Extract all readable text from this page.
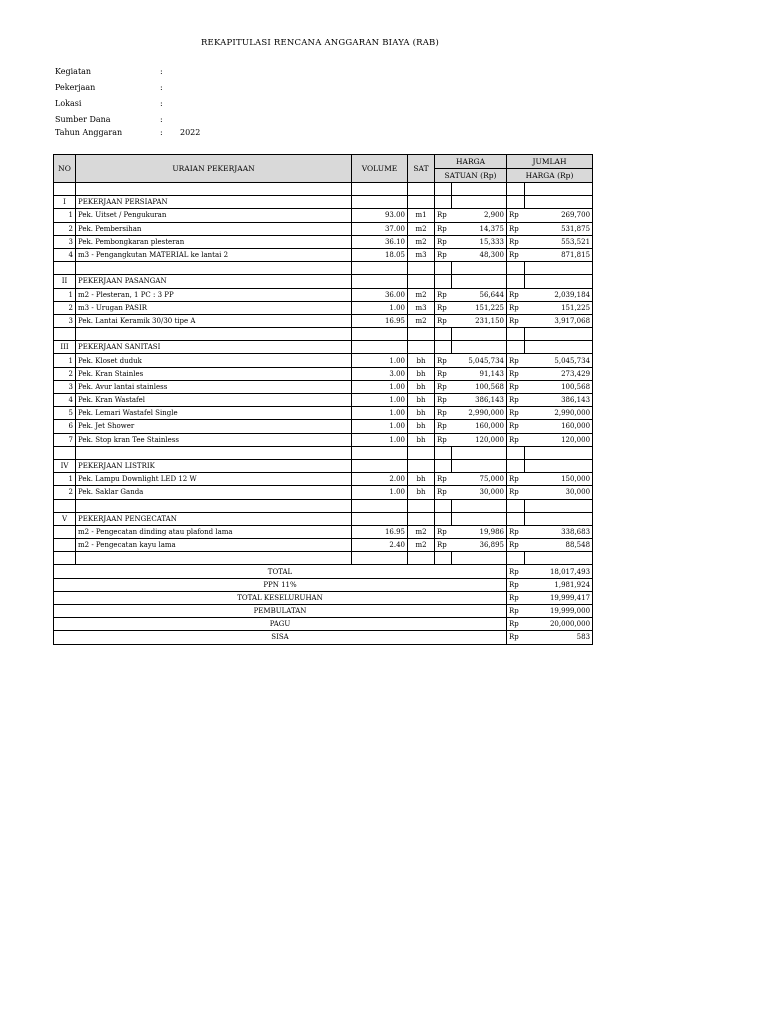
REKAPITULASI RENCANA ANGGARAN BIAYA (RAB)
Kegiatan	:
Pekerjaan	:
Lokasi	:
Sumber Dana	:
Tahun Anggaran	: 2022
NO	URAIAN PEKERJAAN	VOLUME	SAT	HARGA		JUMLAH	
				SATUAN (Rp)		HARGA (Rp)	

I	PEKERJAAN PERSIAPAN						
1	Pek. Uitset / Pengukuran	93.00	m1	Rp	2,900	Rp	269,700
2	Pek. Pembersihan	37.00	m2	Rp	14,375	Rp	531,875
3	Pek. Pembongkaran plesteran	36.10	m2	Rp	15,333	Rp	553,521
4	m3 - Pengangkutan MATERIAL ke lantai 2	18.05	m3	Rp	48,300	Rp	871,815

II	PEKERJAAN PASANGAN						
1	m2 - Plesteran, 1 PC : 3 PP	36.00	m2	Rp	56,644	Rp	2,039,184
2	m3 - Urugan PASIR	1.00	m3	Rp	151,225	Rp	151,225
3	Pek. Lantai Keramik 30/30 tipe A	16.95	m2	Rp	231,150	Rp	3,917,068

III	PEKERJAAN SANITASI						
1	Pek. Kloset duduk	1.00	bh	Rp	5,045,734	Rp	5,045,734
2	Pek. Kran Stainles	3.00	bh	Rp	91,143	Rp	273,429
3	Pek. Avur lantai stainless	1.00	bh	Rp	100,568	Rp	100,568
4	Pek. Kran Wastafel	1.00	bh	Rp	386,143	Rp	386,143
5	Pek. Lemari Wastafel Single	1.00	bh	Rp	2,990,000	Rp	2,990,000
6	Pek. Jet Shower	1.00	bh	Rp	160,000	Rp	160,000
7	Pek. Stop kran Tee Stainless	1.00	bh	Rp	120,000	Rp	120,000

IV	PEKERJAAN LISTRIK						
1	Pek. Lampu Downlight LED 12 W	2.00	bh	Rp	75,000	Rp	150,000
2	Pek. Saklar Ganda	1.00	bh	Rp	30,000	Rp	30,000

V	PEKERJAAN PENGECATAN						
	m2 - Pengecatan dinding atau plafond lama	16.95	m2	Rp	19,986	Rp	338,683
	m2 - Pengecatan kayu lama	2.40	m2	Rp	36,895	Rp	88,548

TOTAL						Rp	18,017,493
PPN 11%						Rp	1,981,924
TOTAL KESELURUHAN						Rp	19,999,417
PEMBULATAN						Rp	19,999,000
PAGU						Rp	20,000,000
SISA						Rp	583
